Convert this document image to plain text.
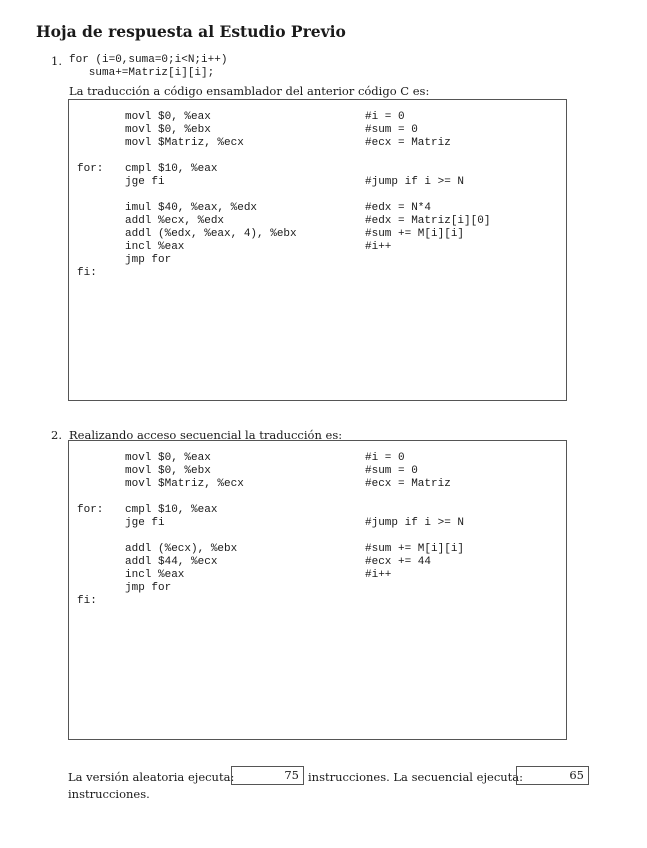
Hoja de respuesta al Estudio Previo
1. for (i=0,suma=0;i<N;i++)
suma+=Matriz[i][i];
La traducción a código ensamblador del anterior código C es:
movl $0, %eax	#i = 0
movl $0, %ebx	#sum = 0
movl $Matriz, %ecx	#ecx = Matriz
for: cmpl $10, %eax
jge fi	#jump if i >= N
imul $40, %eax, %edx	#edx = N*4
addl %ecx, %edx	#edx = Matriz[i][0]
addl (%edx, %eax, 4), %ebx	#sum += M[i][i]
incl %eax	#i++
jmp for
fi:
2. Realizando acceso secuencial la traducción es:
movl $0, %eax	#i = 0
movl $0, %ebx	#sum = 0
movl $Matriz, %ecx	#ecx = Matriz
for: cmpl $10, %eax
jge fi	#jump if i >= N
addl (%ecx), %ebx	#sum += M[i][i]
addl $44, %ecx	#ecx += 44
incl %eax	#i++
jmp for
fi:
La versión aleatoria ejecuta:	75 instrucciones. La secuencial ejecuta:	65
instrucciones.
